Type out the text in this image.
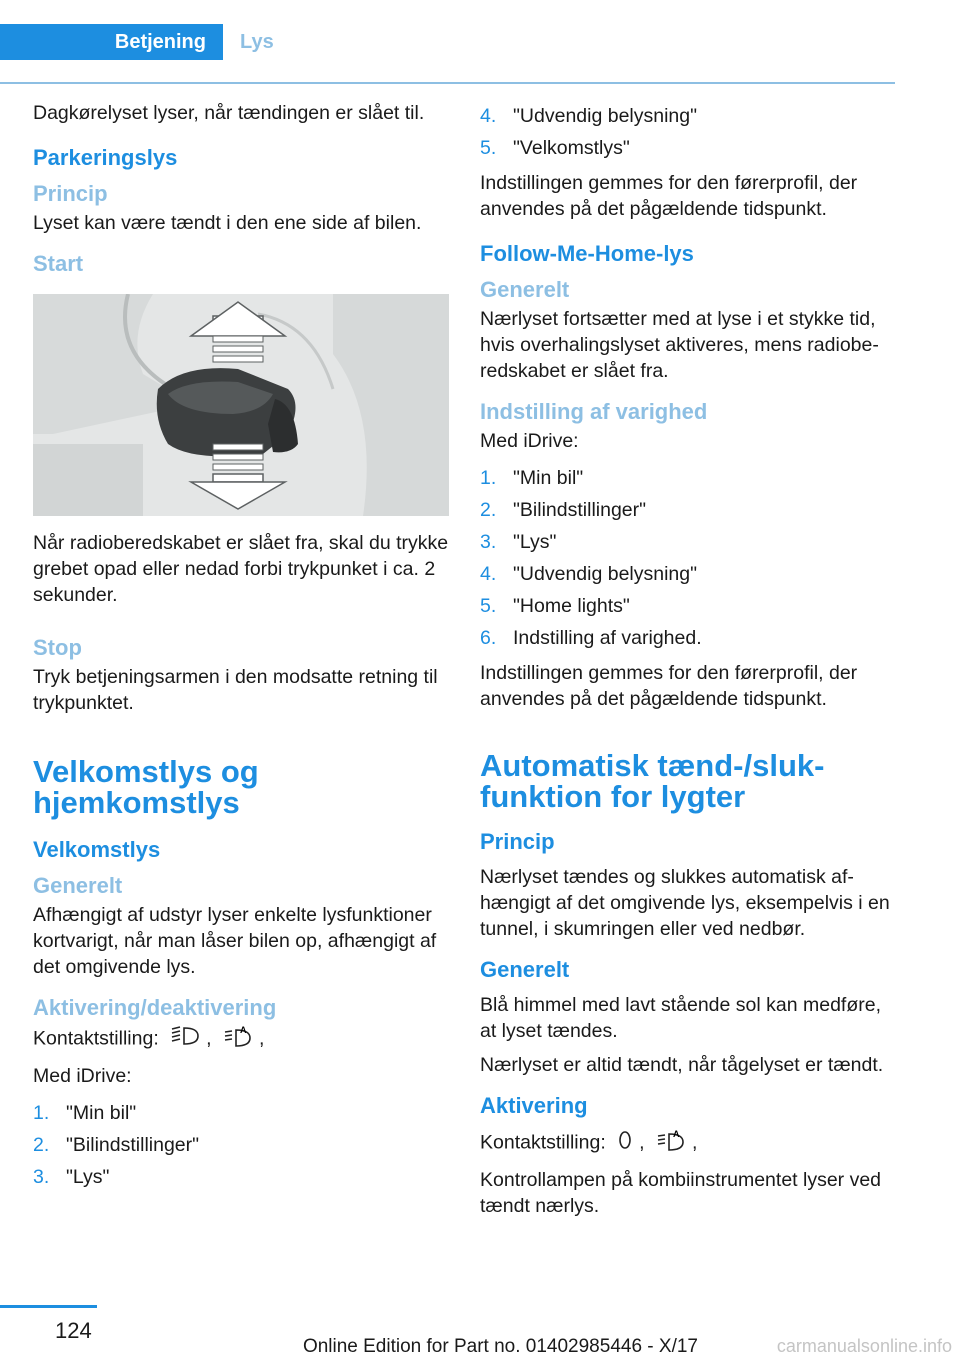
Betjening Lys

Dagkørelyset lyser, når tændingen er slået til.

Parkeringslys
Princip

Lyset kan være tændt i den ene side af bilen.

Start

Når radioberedskabet er slået fra, skal du trykke grebet opad eller nedad forbi trykpunket i ca. 2 sekunder.

Stop

Tryk betjeningsarmen i den modsatte retning til trykpunktet.

Velkomstlys og hjemkomstlys
Velkomstlys
Generelt

Afhængigt af udstyr lyser enkelte lysfunktioner kortvarigt, når man låser bilen op, afhængigt af det omgivende lys.

Aktivering/deaktivering

Kontaktstilling: ,	A ,

Med iDrive:

1. "Min bil"
2. "Bilindstillinger"
3. "Lys"
4. "Udvendig belysning"
5. "Velkomstlys"

Indstillingen gemmes for den førerprofil, der anvendes på det pågældende tidspunkt.

Follow-Me-Home-lys
Generelt

Nærlyset fortsætter med at lyse i et stykke tid, hvis overhalingslyset aktiveres, mens radioberedskabet er slået fra.

Indstilling af varighed

Med iDrive:

1. "Min bil"
2. "Bilindstillinger"
3. "Lys"
4. "Udvendig belysning"
5. "Home lights"
6. Indstilling af varighed.

Indstillingen gemmes for den førerprofil, der anvendes på det pågældende tidspunkt.

Automatisk tænd-/slukfunktion for lygter
Princip

Nærlyset tændes og slukkes automatisk afhængigt af det omgivende lys, eksempelvis i en tunnel, i skumringen eller ved nedbør.

Generelt

Blå himmel med lavt stående sol kan medføre, at lyset tændes.

Nærlyset er altid tændt, når tågelyset er tændt.

Aktivering

Kontaktstilling: ,	A ,

Kontrollampen på kombiinstrumentet lyser ved tændt nærlys.

124
Online Edition for Part no. 01402985446 - X/17	carmanualsonline.info
